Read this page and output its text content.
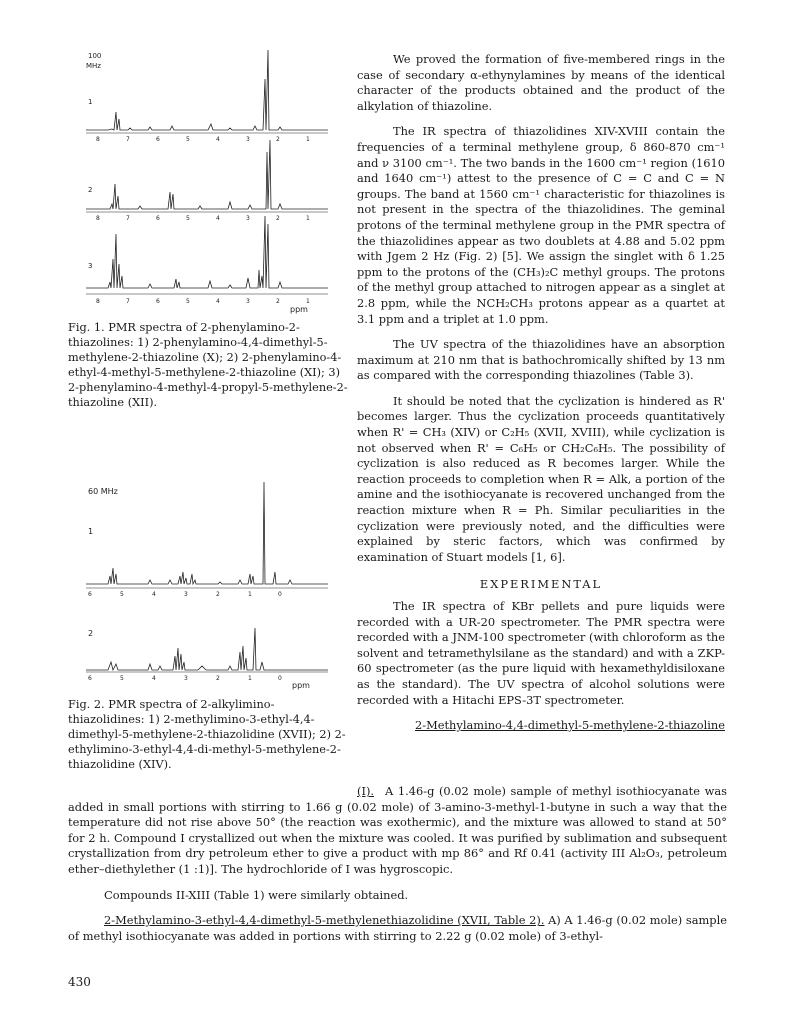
100
MHz
1
2
3
8	7	6	5	4	3	2	1
8	7	6	5	4	3	2	1
8	7	6	5	4	3	2	1
ppm

Fig. 1. PMR spectra of 2-phenylamino-2-thiazolines: 1) 2-phenylamino-4,4-dimethyl-5-methylene-2-thiazoline (X); 2) 2-phenylamino-4-ethyl-4-methyl-5-methylene-2-thiazoline (XI); 3) 2-phenylamino-4-methyl-4-propyl-5-methylene-2-thiazoline (XII).

60 MHz
1
2
6	5	4	3	2	1	0
6	5	4	3	2	1	0
ppm

Fig. 2. PMR spectra of 2-alkylimino-thiazolidines: 1) 2-methylimino-3-ethyl-4,4-dimethyl-5-methylene-2-thiazolidine (XVII); 2) 2-ethylimino-3-ethyl-4,4-di-methyl-5-methylene-2-thiazolidine (XIV).

We proved the formation of five-membered rings in the case of secondary α-ethynylamines by means of the identical character of the products obtained and the product of the alkylation of thiazoline.

The IR spectra of thiazolidines XIV-XVIII contain the frequencies of a terminal methylene group, δ 860-870 cm⁻¹ and ν 3100 cm⁻¹. The two bands in the 1600 cm⁻¹ region (1610 and 1640 cm⁻¹) attest to the presence of C = C and C = N groups. The band at 1560 cm⁻¹ characteristic for thiazolines is not present in the spectra of the thiazolidines. The geminal protons of the terminal methylene group in the PMR spectra of the thiazolidines appear as two doublets at 4.88 and 5.02 ppm with Jgem 2 Hz (Fig. 2) [5]. We assign the singlet with δ 1.25 ppm to the protons of the (CH₃)₂C methyl groups. The protons of the methyl group attached to nitrogen appear as a singlet at 2.8 ppm, while the NCH₂CH₃ protons appear as a quartet at 3.1 ppm and a triplet at 1.0 ppm.

The UV spectra of the thiazolidines have an absorption maximum at 210 nm that is bathochromically shifted by 13 nm as compared with the corresponding thiazolines (Table 3).

It should be noted that the cyclization is hindered as R' becomes larger. Thus the cyclization proceeds quantitatively when R' = CH₃ (XIV) or C₂H₅ (XVII, XVIII), while cyclization is not observed when R' = C₆H₅ or CH₂C₆H₅. The possibility of cyclization is also reduced as R becomes larger. While the reaction proceeds to completion when R = Alk, a portion of the amine and the isothiocyanate is recovered unchanged from the reaction mixture when R = Ph. Similar peculiarities in the cyclization were previously noted, and the difficulties were explained by steric factors, which was confirmed by examination of Stuart models [1, 6].

EXPERIMENTAL

The IR spectra of KBr pellets and pure liquids were recorded with a UR-20 spectrometer. The PMR spectra were recorded with a JNM-100 spectrometer (with chloroform as the solvent and tetramethylsilane as the standard) and with a ZKP-60 spectrometer (as the pure liquid with hexamethyldisiloxane as the standard). The UV spectra of alcohol solutions were recorded with a Hitachi EPS-3T spectrometer.

2-Methylamino-4,4-dimethyl-5-methylene-2-thiazoline

(I). A 1.46-g (0.02 mole) sample of methyl isothiocyanate was added in small portions with stirring to 1.66 g (0.02 mole) of 3-amino-3-methyl-1-butyne in such a way that the temperature did not rise above 50° (the reaction was exothermic), and the mixture was allowed to stand at 50° for 2 h. Compound I crystallized out when the mixture was cooled. It was purified by sublimation and subsequent crystallization from dry petroleum ether to give a product with mp 86° and Rf 0.41 (activity III Al₂O₃, petroleum ether–diethylether (1 :1)]. The hydrochloride of I was hygroscopic.

Compounds II-XIII (Table 1) were similarly obtained.

2-Methylamino-3-ethyl-4,4-dimethyl-5-methylenethiazolidine (XVII, Table 2). A) A 1.46-g (0.02 mole) sample of methyl isothiocyanate was added in portions with stirring to 2.22 g (0.02 mole) of 3-ethyl-

430
